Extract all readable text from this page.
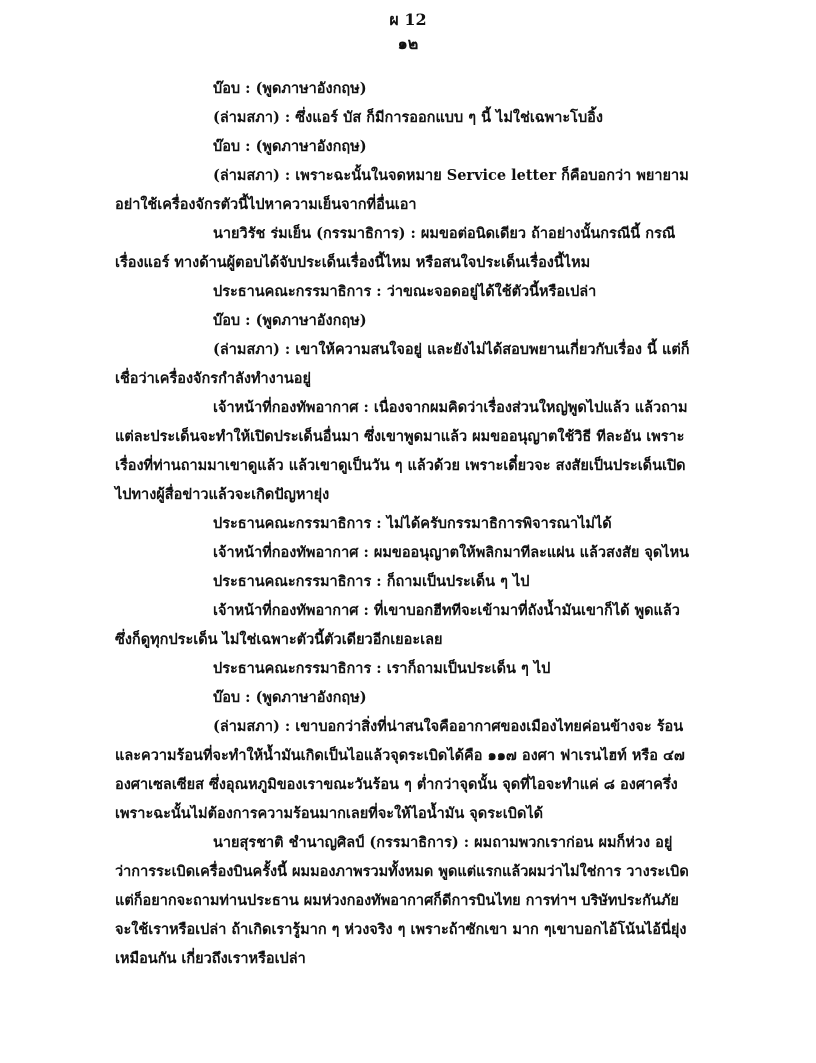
ผ 12
๑๒

บ๊อบ : (พูดภาษาอังกฤษ)

(ล่ามสภา) : ซึ่งแอร์ บัส ก็มีการออกแบบ ๆ นี้ ไม่ใช่เฉพาะโบอิ้ง

บ๊อบ : (พูดภาษาอังกฤษ)

(ล่ามสภา) : เพราะฉะนั้นในจดหมาย Service letter ก็คือบอกว่า พยายามอย่าใช้เครื่องจักรตัวนี้ไปหาความเย็นจากที่อื่นเอา

นายวิรัช ร่มเย็น (กรรมาธิการ) : ผมขอต่อนิดเดียว ถ้าอย่างนั้นกรณีนี้ กรณีเรื่องแอร์ ทางด้านผู้ตอบได้จับประเด็นเรื่องนี้ไหม หรือสนใจประเด็นเรื่องนี้ไหม

ประธานคณะกรรมาธิการ : ว่าขณะจอดอยู่ได้ใช้ตัวนี้หรือเปล่า

บ๊อบ : (พูดภาษาอังกฤษ)

(ล่ามสภา) : เขาให้ความสนใจอยู่ และยังไม่ได้สอบพยานเกี่ยวกับเรื่อง นี้ แต่ก็เชื่อว่าเครื่องจักรกำลังทำงานอยู่

เจ้าหน้าที่กองทัพอากาศ : เนื่องจากผมคิดว่าเรื่องส่วนใหญ่พูดไปแล้ว แล้วถามแต่ละประเด็นจะทำให้เปิดประเด็นอื่นมา ซึ่งเขาพูดมาแล้ว ผมขออนุญาตใช้วิธี ทีละอัน เพราะเรื่องที่ท่านถามมาเขาดูแล้ว แล้วเขาดูเป็นวัน ๆ แล้วด้วย เพราะเดี๋ยวจะ สงสัยเป็นประเด็นเปิดไปทางผู้สื่อข่าวแล้วจะเกิดปัญหายุ่ง

ประธานคณะกรรมาธิการ : ไม่ได้ครับกรรมาธิการพิจารณาไม่ได้

เจ้าหน้าที่กองทัพอากาศ : ผมขออนุญาตให้พลิกมาทีละแผ่น แล้วสงสัย จุดไหน

ประธานคณะกรรมาธิการ : ก็ถามเป็นประเด็น ๆ ไป

เจ้าหน้าที่กองทัพอากาศ : ที่เขาบอกฮีททีจะเข้ามาที่ถังน้ำมันเขาก็ได้ พูดแล้ว ซึ่งก็ดูทุกประเด็น ไม่ใช่เฉพาะตัวนี้ตัวเดียวอีกเยอะเลย

ประธานคณะกรรมาธิการ : เราก็ถามเป็นประเด็น ๆ ไป

บ๊อบ : (พูดภาษาอังกฤษ)

(ล่ามสภา) : เขาบอกว่าสิ่งที่น่าสนใจคืออากาศของเมืองไทยค่อนข้างจะ ร้อน และความร้อนที่จะทำให้น้ำมันเกิดเป็นไอแล้วจุดระเบิดได้คือ ๑๑๗ องศา ฟาเรนไฮท์ หรือ ๔๗ องศาเซลเซียส ซึ่งอุณหภูมิของเราขณะวันร้อน ๆ ต่ำกว่าจุดนั้น จุดที่ไอจะทำแค่ ๘ องศาครึ่ง เพราะฉะนั้นไม่ต้องการความร้อนมากเลยที่จะให้ไอน้ำมัน จุดระเบิดได้

นายสุรชาติ ชำนาญศิลป์ (กรรมาธิการ) : ผมถามพวกเราก่อน ผมก็ห่วง อยู่ว่าการระเบิดเครื่องบินครั้งนี้ ผมมองภาพรวมทั้งหมด พูดแต่แรกแล้วผมว่าไม่ใช่การ วางระเบิด แต่ก็อยากจะถามท่านประธาน ผมห่วงกองทัพอากาศก็ดีการบินไทย การท่าฯ บริษัทประกันภัยจะใช้เราหรือเปล่า ถ้าเกิดเรารู้มาก ๆ ห่วงจริง ๆ เพราะถ้าซักเขา มาก ๆเขาบอกไอ้โน้นไอ้นี่ยุ่งเหมือนกัน เกี่ยวถึงเราหรือเปล่า
